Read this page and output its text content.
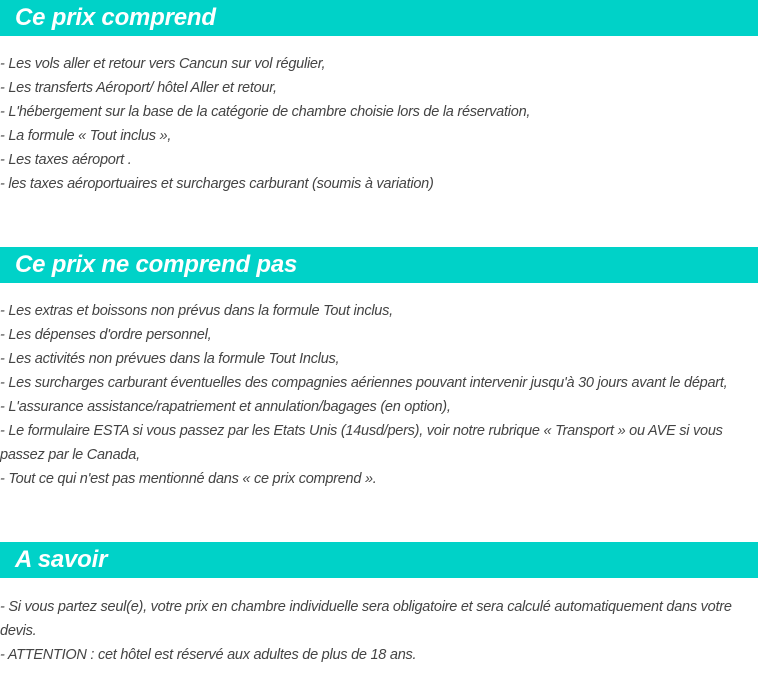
Ce prix comprend
- Les vols aller et retour vers Cancun sur vol régulier,
- Les transferts Aéroport/ hôtel Aller et retour,
- L'hébergement sur la base de la catégorie de chambre choisie lors de la réservation,
- La formule « Tout inclus »,
- Les taxes aéroport .
- les taxes aéroportuaires et surcharges carburant (soumis à variation)
Ce prix ne comprend pas
- Les extras et boissons non prévus dans la formule Tout inclus,
- Les dépenses d'ordre personnel,
- Les activités non prévues dans la formule Tout Inclus,
- Les surcharges carburant éventuelles des compagnies aériennes pouvant intervenir jusqu'à 30 jours avant le départ,
- L'assurance assistance/rapatriement et annulation/bagages (en option),
- Le formulaire ESTA si vous passez par les Etats Unis (14usd/pers), voir notre rubrique « Transport » ou AVE si vous passez par le Canada,
- Tout ce qui n'est pas mentionné dans « ce prix comprend ».
A savoir
- Si vous partez seul(e), votre prix en chambre individuelle sera obligatoire et sera calculé automatiquement dans votre devis.
- ATTENTION : cet hôtel est réservé aux adultes de plus de 18 ans.
